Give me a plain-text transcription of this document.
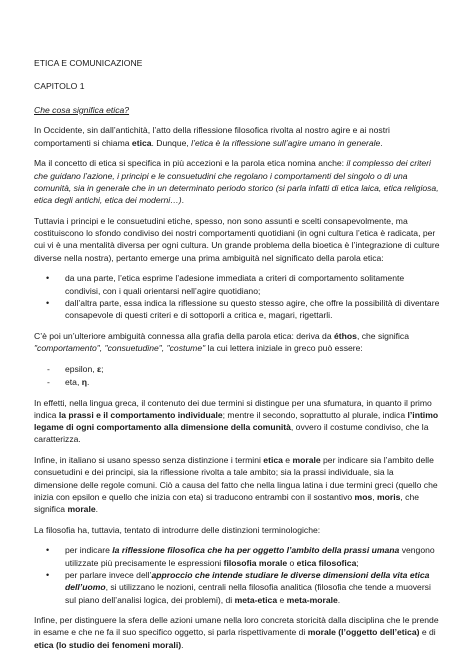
ETICA E COMUNICAZIONE

CAPITOLO 1

Che cosa significa etica?

In Occidente, sin dall’antichità, l’atto della riflessione filosofica rivolta al nostro agire e ai nostri comportamenti si chiama etica. Dunque, l’etica è la riflessione sull’agire umano in generale.

Ma il concetto di etica si specifica in più accezioni e la parola etica nomina anche: il complesso dei criteri che guidano l’azione, i principi e le consuetudini che regolano i comportamenti del singolo o di una comunità, sia in generale che in un determinato periodo storico (si parla infatti di etica laica, etica religiosa, etica degli antichi, etica dei moderni…).

Tuttavia i principi e le consuetudini etiche, spesso, non sono assunti e scelti consapevolmente, ma costituiscono lo sfondo condiviso dei nostri comportamenti quotidiani (in ogni cultura l’etica è radicata, per cui vi è una mentalità diversa per ogni cultura. Un grande problema della bioetica è l’integrazione di culture diverse nella nostra), pertanto emerge una prima ambiguità nel significato della parola etica:

• da una parte, l’etica esprime l’adesione immediata a criteri di comportamento solitamente condivisi, con i quali orientarsi nell’agire quotidiano;
• dall’altra parte, essa indica la riflessione su questo stesso agire, che offre la possibilità di diventare consapevole di questi criteri e di sottoporli a critica e, magari, rigettarli.

C’è poi un’ulteriore ambiguità connessa alla grafia della parola etica: deriva da éthos, che significa "comportamento", "consuetudine", "costume" la cui lettera iniziale in greco può essere:

- epsilon, ε;
- eta, η.

In effetti, nella lingua greca, il contenuto dei due termini si distingue per una sfumatura, in quanto il primo indica la prassi e il comportamento individuale; mentre il secondo, soprattutto al plurale, indica l’intimo legame di ogni comportamento alla dimensione della comunità, ovvero il costume condiviso, che la caratterizza.

Infine, in italiano si usano spesso senza distinzione i termini etica e morale per indicare sia l’ambito delle consuetudini e dei principi, sia la riflessione rivolta a tale ambito; sia la prassi individuale, sia la dimensione delle regole comuni. Ciò a causa del fatto che nella lingua latina i due termini greci (quello che inizia con epsilon e quello che inizia con eta) si traducono entrambi con il sostantivo mos, moris, che significa morale.

La filosofia ha, tuttavia, tentato di introdurre delle distinzioni terminologiche:

• per indicare la riflessione filosofica che ha per oggetto l’ambito della prassi umana vengono utilizzate più precisamente le espressioni filosofia morale o etica filosofica;
• per parlare invece dell’approccio che intende studiare le diverse dimensioni della vita etica dell’uomo, si utilizzano le nozioni, centrali nella filosofia analitica (filosofia che tende a muoversi sul piano dell’analisi logica, dei problemi), di meta-etica e meta-morale.

Infine, per distinguere la sfera delle azioni umane nella loro concreta storicità dalla disciplina che le prende in esame e che ne fa il suo specifico oggetto, si parla rispettivamente di morale (l’oggetto dell’etica) e di etica (lo studio dei fenomeni morali).
